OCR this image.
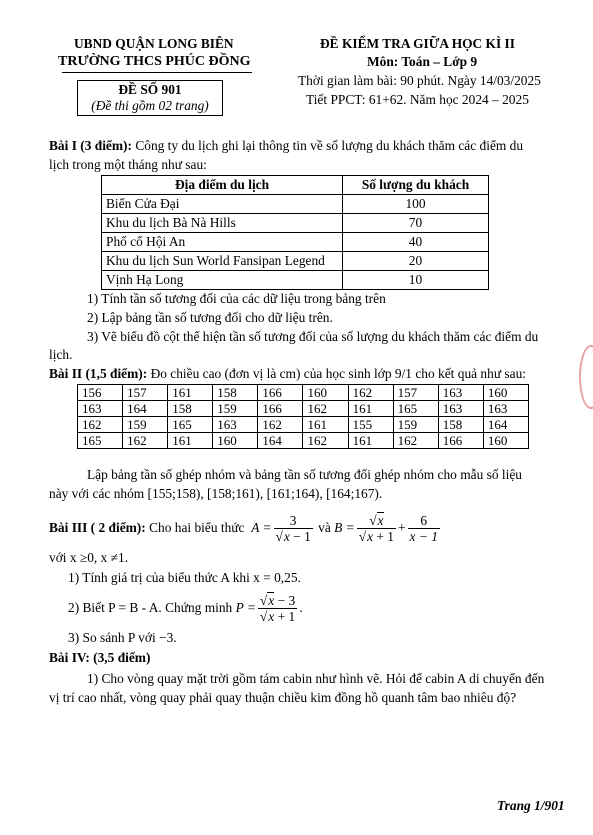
UBND QUẬN LONG BIÊN
TRƯỜNG THCS PHÚC ĐỒNG
ĐỀ SỐ 901
(Đề thi gồm 02 trang)
ĐỀ KIỂM TRA GIỮA HỌC KÌ II
Môn: Toán – Lớp 9
Thời gian làm bài: 90 phút. Ngày 14/03/2025
Tiết PPCT: 61+62. Năm học 2024 – 2025
Bài I (3 điểm): Công ty du lịch ghi lại thông tin về số lượng du khách thăm các điểm du
lịch trong một tháng như sau:
Địa điểm du lịch	Số lượng du khách
Biển Cửa Đại	100
Khu du lịch Bà Nà Hills	70
Phố cổ Hội An	40
Khu du lịch Sun World Fansipan Legend	20
Vịnh Hạ Long	10
1) Tính tần số tương đối của các dữ liệu trong bảng trên
2) Lập bảng tần số tương đối cho dữ liệu trên.
3) Vẽ biểu đồ cột thể hiện tần số tương đối của số lượng du khách thăm các điểm du
lịch.
Bài II (1,5 điểm): Đo chiều cao (đơn vị là cm) của học sinh lớp 9/1 cho kết quả như sau:
156	157	161	158	166	160	162	157	163	160
163	164	158	159	166	162	161	165	163	163
162	159	165	163	162	161	155	159	158	164
165	162	161	160	164	162	161	162	166	160
Lập bảng tần số ghép nhóm và bảng tần số tương đối ghép nhóm cho mẫu số liệu
này với các nhóm [155;158), [158;161), [161;164), [164;167).
Bài III ( 2 điểm):
Cho hai biểu thức
$A = \frac{3}{√x - 1}$
và
$B = \frac{√x}{√x + 1} + \frac{6}{x - 1}$
với x ≥0, x ≠1.
1) Tính giá trị của biểu thức A khi x = 0,25.
2) Biết P = B - A. Chứng minh
$P = \frac{√x - 3}{√x + 1}$ .
3) So sánh P với −3.
Bài IV: (3,5 điểm)
1) Cho vòng quay mặt trời gồm tám cabin như hình vẽ. Hỏi để cabin A di chuyển đến
vị trí cao nhất, vòng quay phải quay thuận chiều kim đồng hồ quanh tâm bao nhiêu độ?
Trang 1/901
